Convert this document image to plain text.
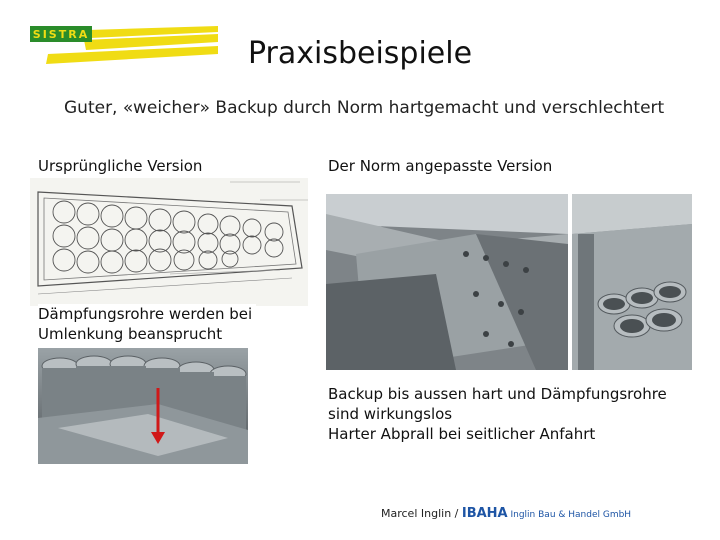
SISTRA
Praxisbeispiele
Guter, «weicher» Backup durch Norm hartgemacht und verschlechtert
Ursprüngliche Version	Der Norm angepasste Version
Dämpfungsrohre werden bei
Umlenkung beansprucht
Backup bis aussen hart und Dämpfungsrohre
sind wirkungslos
Harter Abprall bei seitlicher Anfahrt
Marcel Inglin / IBAHA Inglin Bau & Handel GmbH
